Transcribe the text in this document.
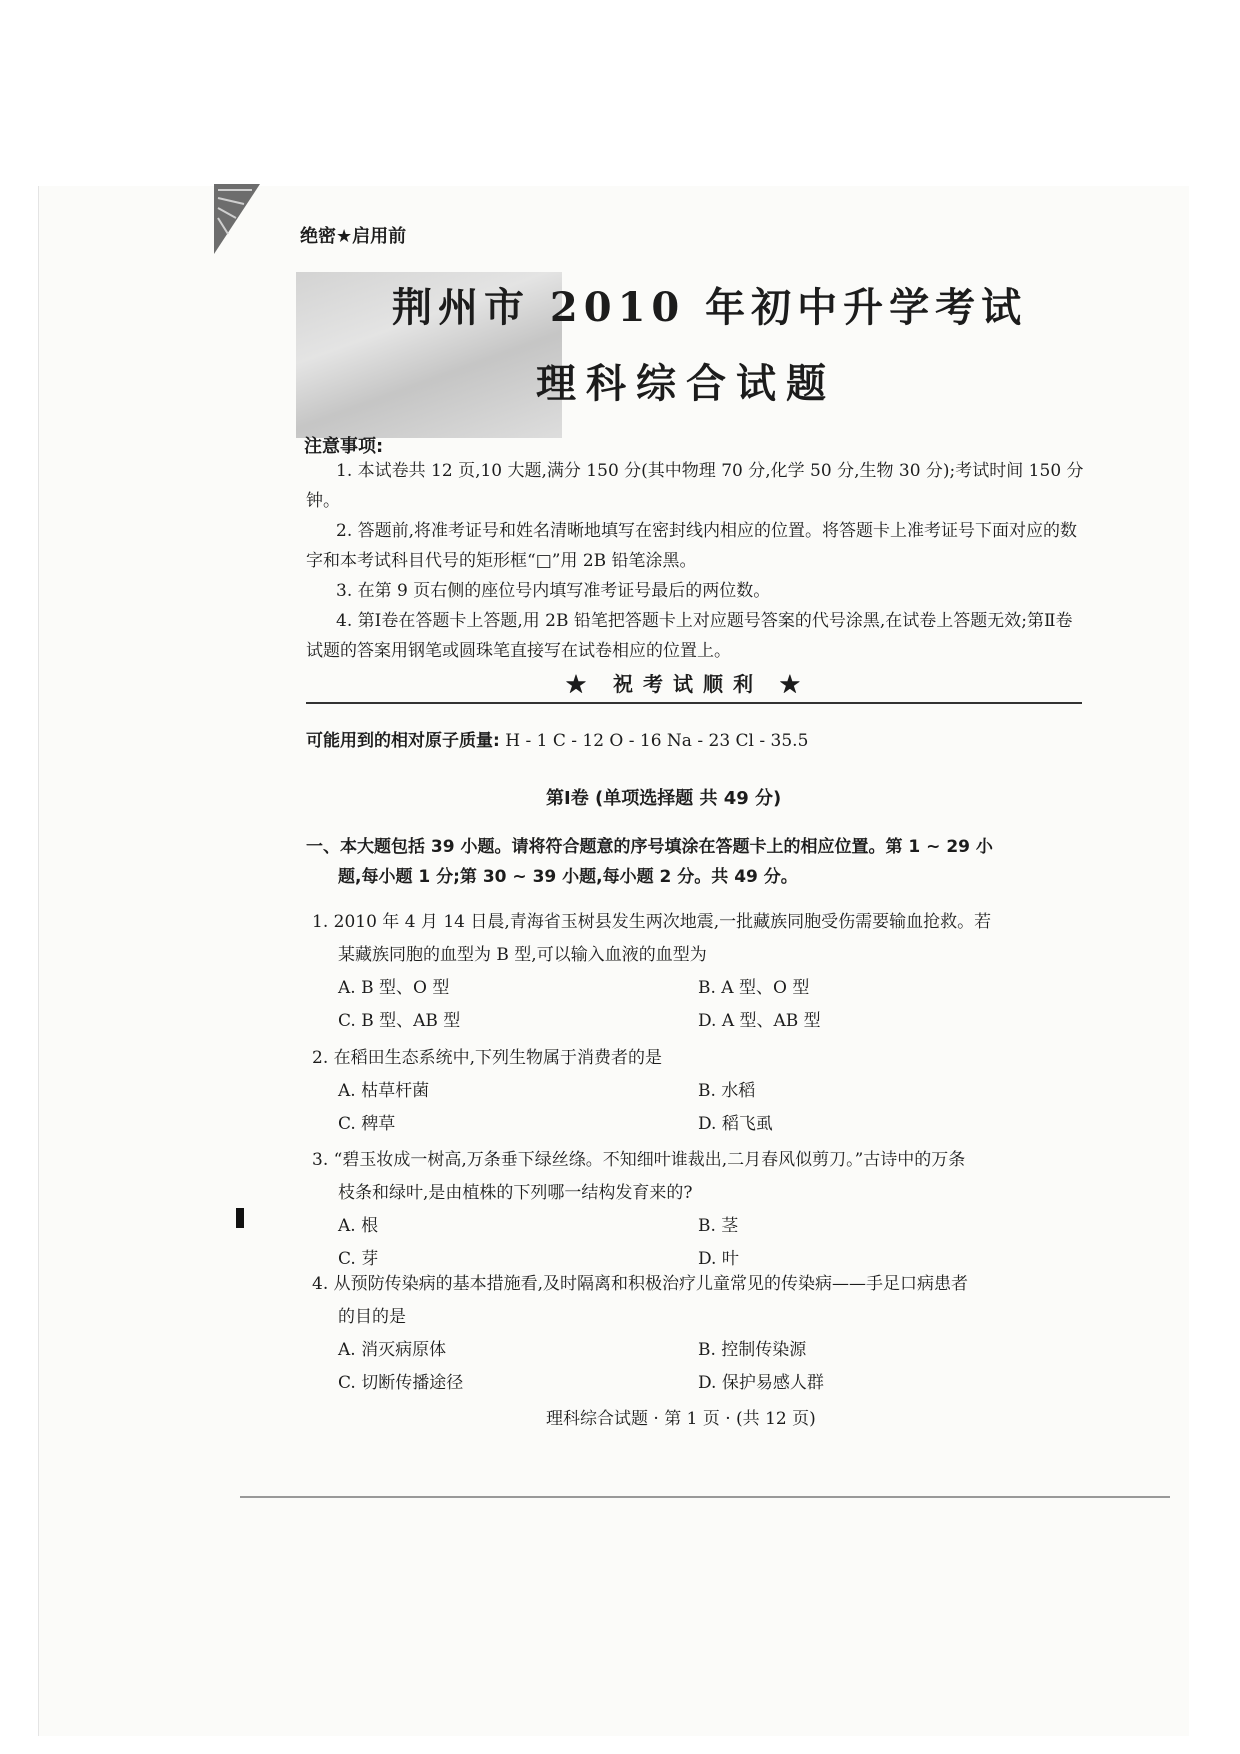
绝密★启用前
荆州市 2010 年初中升学考试
理科综合试题
注意事项:

1. 本试卷共 12 页,10 大题,满分 150 分(其中物理 70 分,化学 50 分,生物 30 分);考试时间 150 分钟。

2. 答题前,将准考证号和姓名清晰地填写在密封线内相应的位置。将答题卡上准考证号下面对应的数字和本考试科目代号的矩形框“□”用 2B 铅笔涂黑。

3. 在第 9 页右侧的座位号内填写准考证号最后的两位数。

4. 第Ⅰ卷在答题卡上答题,用 2B 铅笔把答题卡上对应题号答案的代号涂黑,在试卷上答题无效;第Ⅱ卷试题的答案用钢笔或圆珠笔直接写在试卷相应的位置上。

★ 祝考试顺利 ★
可能用到的相对原子质量: H - 1 C - 12 O - 16 Na - 23 Cl - 35.5
第Ⅰ卷 (单项选择题 共 49 分)

一、本大题包括 39 小题。请将符合题意的序号填涂在答题卡上的相应位置。第 1 ~ 29 小

题,每小题 1 分;第 30 ~ 39 小题,每小题 2 分。共 49 分。

1. 2010 年 4 月 14 日晨,青海省玉树县发生两次地震,一批藏族同胞受伤需要输血抢救。若

某藏族同胞的血型为 B 型,可以输入血液的血型为

A. B 型、O 型	B. A 型、O 型
C. B 型、AB 型	D. A 型、AB 型

2. 在稻田生态系统中,下列生物属于消费者的是

A. 枯草杆菌	B. 水稻
C. 稗草	D. 稻飞虱

3. “碧玉妆成一树高,万条垂下绿丝绦。不知细叶谁裁出,二月春风似剪刀。”古诗中的万条

枝条和绿叶,是由植株的下列哪一结构发育来的?

A. 根	B. 茎
C. 芽	D. 叶

4. 从预防传染病的基本措施看,及时隔离和积极治疗儿童常见的传染病——手足口病患者

的目的是

A. 消灭病原体	B. 控制传染源
C. 切断传播途径	D. 保护易感人群
理科综合试题 · 第 1 页 · (共 12 页)
